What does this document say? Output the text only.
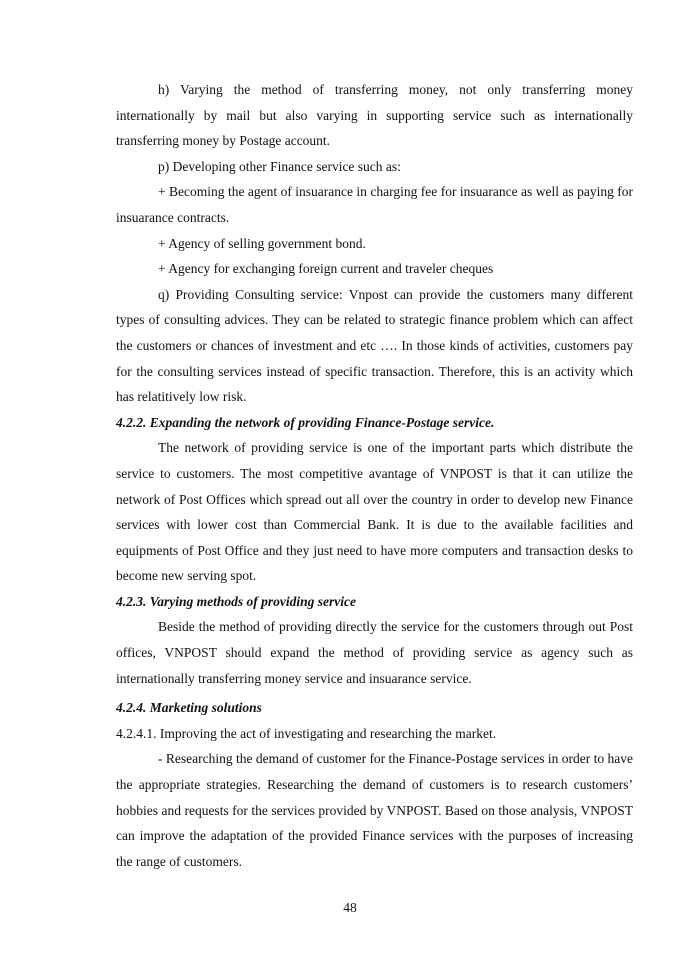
h) Varying the method of transferring money, not only transferring money internationally by mail but also varying in supporting service such as internationally transferring money by Postage account.

p) Developing other Finance service such as:

+ Becoming the agent of insuarance in charging fee for insuarance as well as paying for insuarance contracts.

+ Agency of selling government bond.

+ Agency for exchanging foreign current and traveler cheques

q) Providing Consulting service: Vnpost can provide the customers many different types of consulting advices. They can be related to strategic finance problem which can affect the customers or chances of investment and etc …. In those kinds of activities, customers pay for the consulting services instead of specific transaction. Therefore, this is an activity which has relatitively low risk.

4.2.2. Expanding the network of providing Finance-Postage service.

The network of providing service is one of the important parts which distribute the service to customers. The most competitive avantage of VNPOST is that it can utilize the network of Post Offices which spread out all over the country in order to develop new Finance services with lower cost than Commercial Bank. It is due to the available facilities and equipments of Post Office and they just need to have more computers and transaction desks to become new serving spot.

4.2.3. Varying methods of providing service

Beside the method of providing directly the service for the customers through out Post offices, VNPOST should expand the method of providing service as agency such as internationally transferring money service and insuarance service.

4.2.4. Marketing solutions

4.2.4.1. Improving the act of investigating and researching the market.

- Researching the demand of customer for the Finance-Postage services in order to have the appropriate strategies. Researching the demand of customers is to research customers’ hobbies and requests for the services provided by VNPOST. Based on those analysis, VNPOST can improve the adaptation of the provided Finance services with the purposes of increasing the range of customers.

48
